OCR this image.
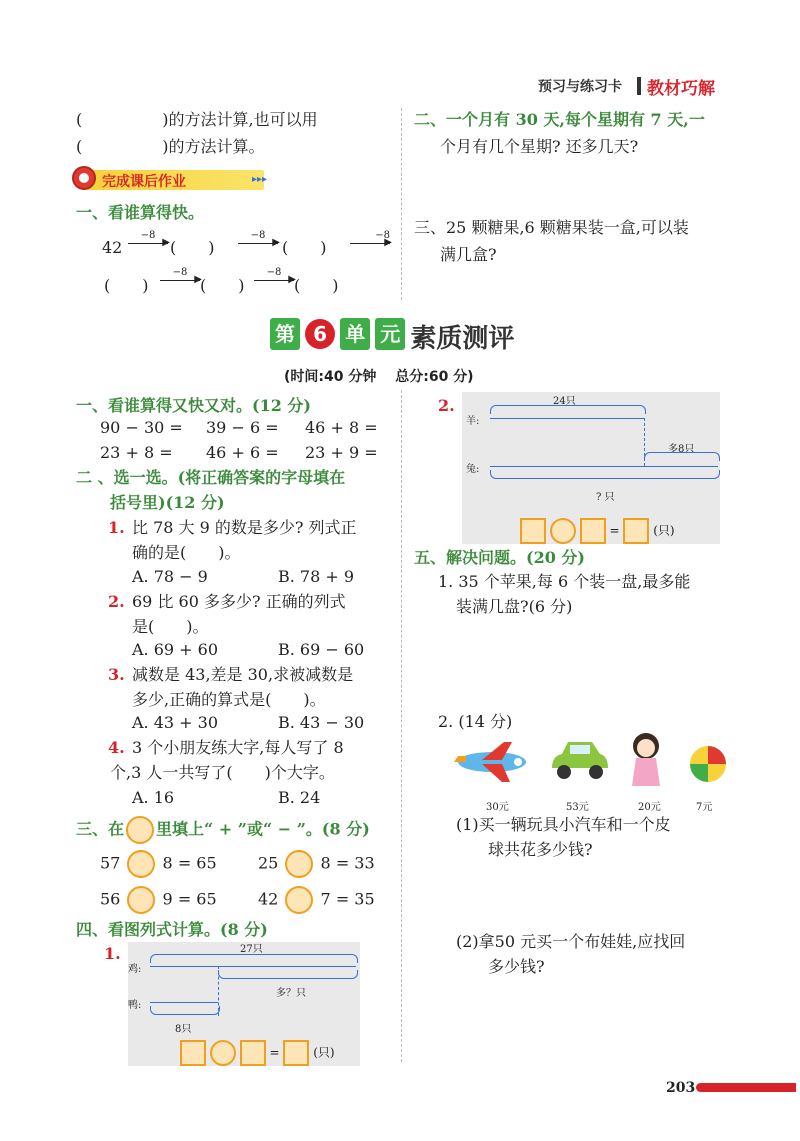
预习与练习卡 教材巧解
(　　　　　)的方法计算,也可以用
(　　　　　)的方法计算。
完成课后作业	▸▸▸
一、看谁算得快。
42
−8
▶ (　　)
−8
▶ (　　)
−8
▶
(　　)
−8
▶
(　　)
−8
▶
(　　)
二、一个月有 30 天,每个星期有 7 天,一
个月有几个星期? 还多几天?
三、25 颗糖果,6 颗糖果装一盒,可以装
满几盒?
第 6 单 元 素质测评
(时间:40 分钟　 总分:60 分)
一、看谁算得又快又对。(12 分)
90 − 30 = 39 − 6 = 46 + 8 =
23 + 8 = 46 + 6 = 23 + 9 =
二 、选一选。(将正确答案的字母填在
括号里)(12 分)
1. 比 78 大 9 的数是多少? 列式正
确的是(　　)。
A. 78 − 9	B. 78 + 9
2. 69 比 60 多多少? 正确的列式
是(　　)。
A. 69 + 60	B. 69 − 60
3. 减数是 43,差是 30,求被减数是
多少,正确的算式是(　　)。
A. 43 + 30	B. 43 − 30
4. 3 个小朋友练大字,每人写了 8
个,3 人一共写了(　　)个大字。
A. 16	B. 24
三、在 里填上“ + ”或“ − ”。(8 分)
57	8 = 65	25	8 = 33
56	9 = 65	42	7 = 35
四、看图列式计算。(8 分)
1.	27只
鸡:
多？只
鸭:
8只
=	(只)
2.	24只
羊:
多8只
兔:
? 只
=	(只)
五、解决问题。(20 分)
1. 35 个苹果,每 6 个装一盘,最多能
装满几盘?(6 分)
2. (14 分)
30元	53元	20元	7元
(1)买一辆玩具小汽车和一个皮
球共花多少钱?
(2)拿50 元买一个布娃娃,应找回
多少钱?
203
